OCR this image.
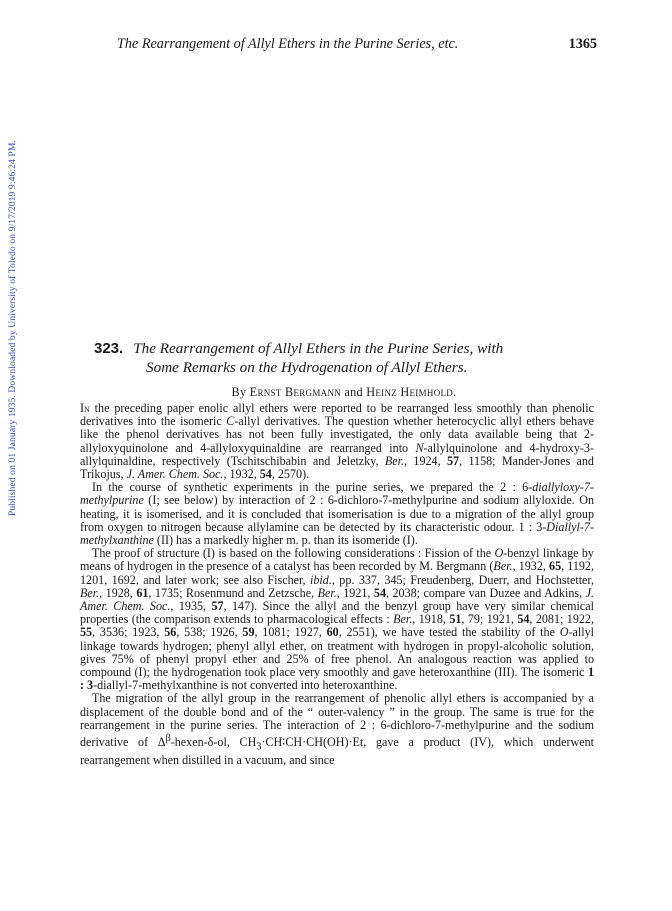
Published on 01 January 1935. Downloaded by University of Toledo on 9/17/2019 9:46:24 PM.
The Rearrangement of Allyl Ethers in the Purine Series, etc.	1365
323. The Rearrangement of Allyl Ethers in the Purine Series, with
Some Remarks on the Hydrogenation of Allyl Ethers.
By Ernst Bergmann and Heinz Heimhold.

In the preceding paper enolic allyl ethers were reported to be rearranged less smoothly than phenolic derivatives into the isomeric C-allyl derivatives. The question whether heterocyclic allyl ethers behave like the phenol derivatives has not been fully investigated, the only data available being that 2-allyloxyquinolone and 4-allyloxyquinaldine are rearranged into N-allylquinolone and 4-hydroxy-3-allylquinaldine, respectively (Tschitschibabin and Jeletzky, Ber., 1924, 57, 1158; Mander-Jones and Trikojus, J. Amer. Chem. Soc., 1932, 54, 2570).

In the course of synthetic experiments in the purine series, we prepared the 2 : 6-diallyloxy-7-methylpurine (I; see below) by interaction of 2 : 6-dichloro-7-methylpurine and sodium allyloxide. On heating, it is isomerised, and it is concluded that isomerisation is due to a migration of the allyl group from oxygen to nitrogen because allylamine can be detected by its characteristic odour. 1 : 3-Diallyl-7-methylxanthine (II) has a markedly higher m. p. than its isomeride (I).

The proof of structure (I) is based on the following considerations : Fission of the O-benzyl linkage by means of hydrogen in the presence of a catalyst has been recorded by M. Bergmann (Ber., 1932, 65, 1192, 1201, 1692, and later work; see also Fischer, ibid., pp. 337, 345; Freudenberg, Duerr, and Hochstetter, Ber., 1928, 61, 1735; Rosenmund and Zetzsche, Ber., 1921, 54, 2038; compare van Duzee and Adkins, J. Amer. Chem. Soc., 1935, 57, 147). Since the allyl and the benzyl group have very similar chemical properties (the comparison extends to pharmacological effects : Ber., 1918, 51, 79; 1921, 54, 2081; 1922, 55, 3536; 1923, 56, 538; 1926, 59, 1081; 1927, 60, 2551), we have tested the stability of the O-allyl linkage towards hydrogen; phenyl allyl ether, on treatment with hydrogen in propyl-alcoholic solution, gives 75% of phenyl propyl ether and 25% of free phenol. An analogous reaction was applied to compound (I); the hydrogenation took place very smoothly and gave heteroxanthine (III). The isomeric 1 : 3-diallyl-7-methylxanthine is not converted into heteroxanthine.

The migration of the allyl group in the rearrangement of phenolic allyl ethers is accompanied by a displacement of the double bond and of the “ outer-valency ” in the group. The same is true for the rearrangement in the purine series. The interaction of 2 : 6-dichloro-7-methylpurine and the sodium derivative of $\Delta^\beta-hexen-\delta-ol$, $CH_3\cdot CH∶CH\cdot CH(OH)\cdot Et$, gave a product (IV), which underwent rearrangement when distilled in a vacuum, and since
